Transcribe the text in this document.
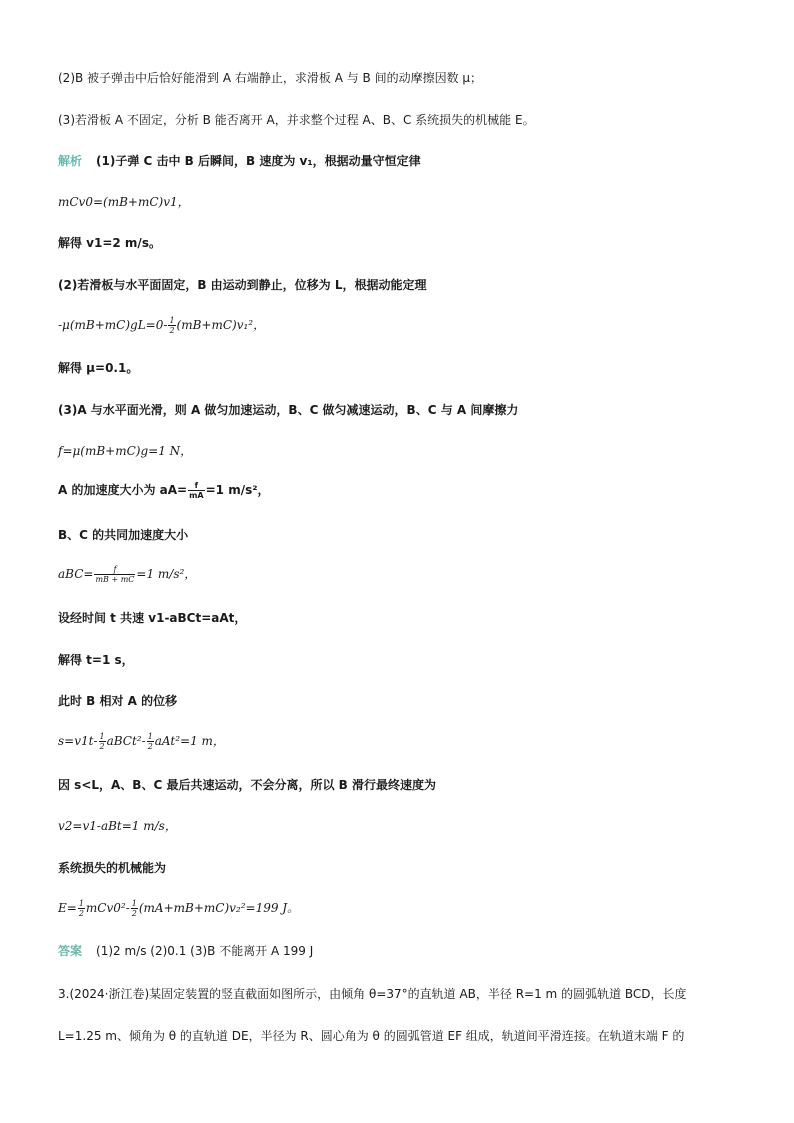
(2)B 被子弹击中后恰好能滑到 A 右端静止，求滑板 A 与 B 间的动摩擦因数 μ；
(3)若滑板 A 不固定，分析 B 能否离开 A，并求整个过程 A、B、C 系统损失的机械能 E。
解析 (1)子弹 C 击中 B 后瞬间，B 速度为 v₁，根据动量守恒定律
mCv0=(mB+mC)v1，
解得 v1=2 m/s。
(2)若滑板与水平面固定，B 由运动到静止，位移为 L，根据动能定理
$-\mu(mB+mC)gL=0- \frac{1}{2} (mB+mC)v_1^2$，
解得 μ=0.1。
(3)A 与水平面光滑，则 A 做匀加速运动，B、C 做匀减速运动，B、C 与 A 间摩擦力
f=μ(mB+mC)g=1 N，
A 的加速度大小为 $aA= \frac{f}{mA} =1$ m/s²，
B、C 的共同加速度大小
$aBC= \frac{f}{mB + mC} =1$ m/s²，
设经时间 t 共速 v1-aBCt=aAt，
解得 t=1 s，
此时 B 相对 A 的位移
$s=v1t- \frac{1}{2}$ aBCt²- $\frac{1}{2} aAt^2=1$ m，
因 s<L，A、B、C 最后共速运动，不会分离，所以 B 滑行最终速度为
v2=v1-aBt=1 m/s，
系统损失的机械能为
$E= \frac{1}{2} mCv0^2- \frac{1}{2} (mA+mB+mC)v_2^2=199$ J。
答案 (1)2 m/s (2)0.1 (3)B 不能离开 A 199 J
3.(2024·浙江卷)某固定装置的竖直截面如图所示，由倾角 θ=37°的直轨道 AB，半径 R=1 m 的圆弧轨道 BCD，长度
L=1.25 m、倾角为 θ 的直轨道 DE，半径为 R、圆心角为 θ 的圆弧管道 EF 组成，轨道间平滑连接。在轨道末端 F 的
